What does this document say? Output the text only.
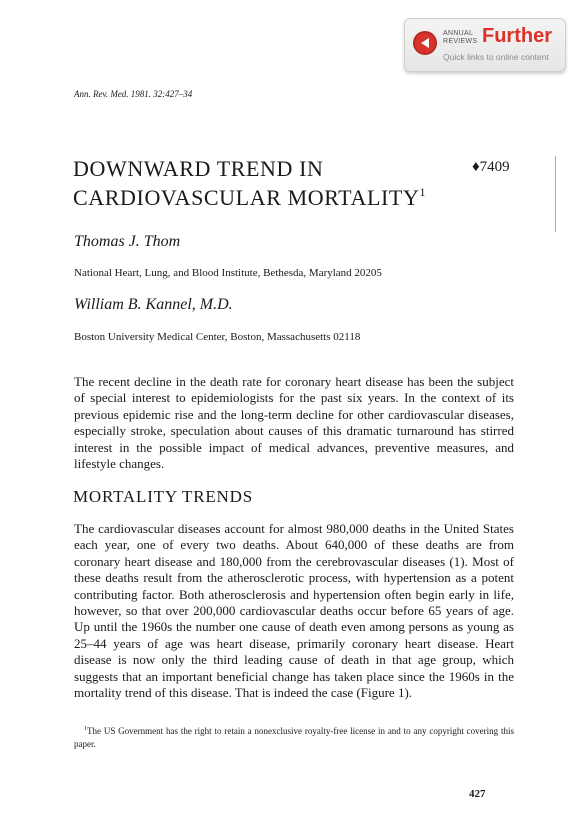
ANNUAL
REVIEWS Further
Quick links to online content
Ann. Rev. Med. 1981. 32:427–34
DOWNWARD TREND IN
CARDIOVASCULAR MORTALITY$^1$
♦7409
Thomas J. Thom
National Heart, Lung, and Blood Institute, Bethesda, Maryland 20205
William B. Kannel, M.D.
Boston University Medical Center, Boston, Massachusetts 02118

The recent decline in the death rate for coronary heart disease has been the subject of special interest to epidemiologists for the past six years. In the context of its previous epidemic rise and the long-term decline for other cardiovascular diseases, especially stroke, speculation about causes of this dramatic turnaround has stirred interest in the possible impact of medical advances, preventive measures, and lifestyle changes.

MORTALITY TRENDS

The cardiovascular diseases account for almost 980,000 deaths in the United States each year, one of every two deaths. About 640,000 of these deaths are from coronary heart disease and 180,000 from the cerebrovascular diseases (1). Most of these deaths result from the atherosclerotic process, with hypertension as a potent contributing factor. Both atherosclerosis and hypertension often begin early in life, however, so that over 200,000 cardiovascular deaths occur before 65 years of age. Up until the 1960s the number one cause of death even among persons as young as 25–44 years of age was heart disease, primarily coronary heart disease. Heart disease is now only the third leading cause of death in that age group, which suggests that an important beneficial change has taken place since the 1960s in the mortality trend of this disease. That is indeed the case (Figure 1).

$^1$The US Government has the right to retain a nonexclusive royalty-free license in and to any copyright covering this paper.

427
